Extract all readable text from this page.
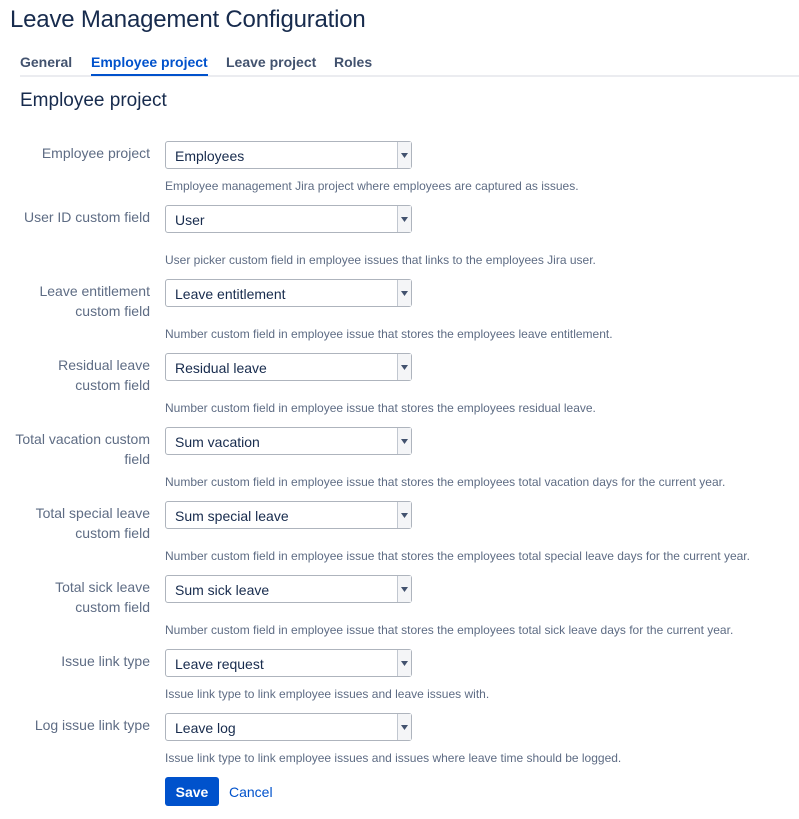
Leave Management Configuration
General Employee project Leave project Roles
Employee project
Employee project Employees
Employee management Jira project where employees are captured as issues.
User ID custom field User
User picker custom field in employee issues that links to the employees Jira user.
Leave entitlement custom field
Leave entitlement
Number custom field in employee issue that stores the employees leave entitlement.
Residual leave custom field
Residual leave
Number custom field in employee issue that stores the employees residual leave.
Total vacation custom field
Sum vacation
Number custom field in employee issue that stores the employees total vacation days for the current year.
Total special leave custom field
Sum special leave
Number custom field in employee issue that stores the employees total special leave days for the current year.
Total sick leave custom field
Sum sick leave
Number custom field in employee issue that stores the employees total sick leave days for the current year.
Issue link type Leave request
Issue link type to link employee issues and leave issues with.
Log issue link type Leave log
Issue link type to link employee issues and issues where leave time should be logged.
Save	Cancel
